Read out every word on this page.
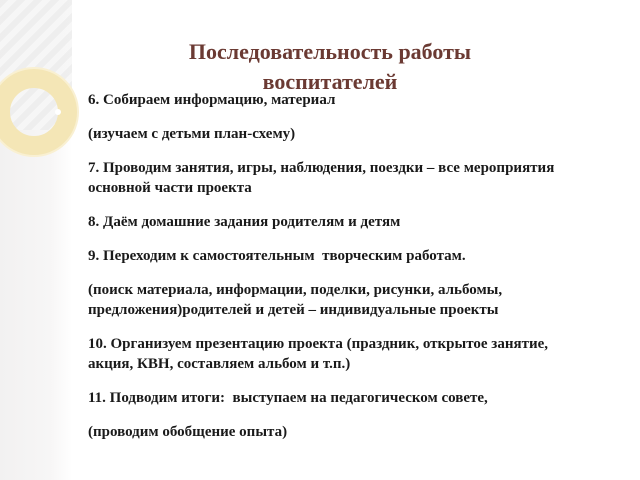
Последовательность работы воспитателей

6. Собираем информацию, материал

(изучаем с детьми план-схему)

7. Проводим занятия, игры, наблюдения, поездки – все мероприятия основной части проекта

8. Даём домашние задания родителям и детям

9. Переходим к самостоятельным  творческим работам.

(поиск материала, информации, поделки, рисунки, альбомы, предложения)родителей и детей – индивидуальные проекты

10. Организуем презентацию проекта (праздник, открытое занятие, акция, КВН, составляем альбом и т.п.)

11. Подводим итоги:  выступаем на педагогическом совете,

(проводим обобщение опыта)
